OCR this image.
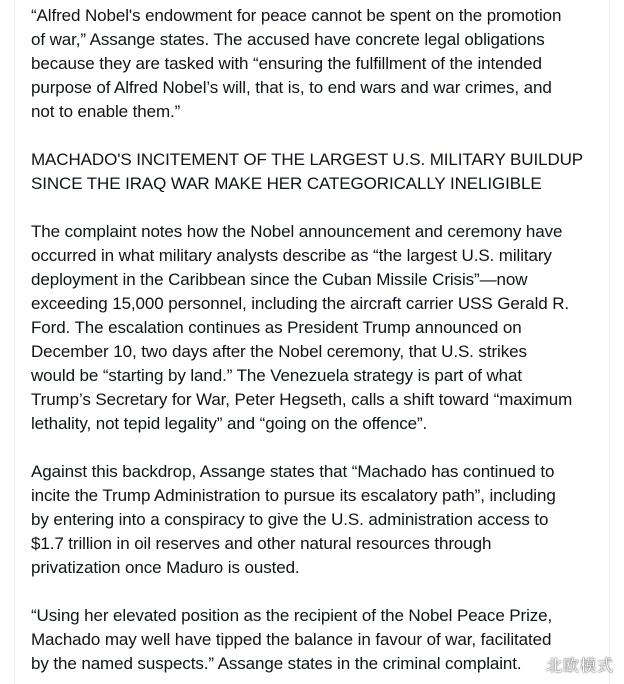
“Alfred Nobel's endowment for peace cannot be spent on the promotion
of war,” Assange states. The accused have concrete legal obligations
because they are tasked with “ensuring the fulfillment of the intended
purpose of Alfred Nobel’s will, that is, to end wars and war crimes, and
not to enable them.”

MACHADO'S INCITEMENT OF THE LARGEST U.S. MILITARY BUILDUP
SINCE THE IRAQ WAR MAKE HER CATEGORICALLY INELIGIBLE

The complaint notes how the Nobel announcement and ceremony have
occurred in what military analysts describe as “the largest U.S. military
deployment in the Caribbean since the Cuban Missile Crisis”—now
exceeding 15,000 personnel, including the aircraft carrier USS Gerald R.
Ford. The escalation continues as President Trump announced on
December 10, two days after the Nobel ceremony, that U.S. strikes
would be “starting by land.” The Venezuela strategy is part of what
Trump’s Secretary for War, Peter Hegseth, calls a shift toward “maximum
lethality, not tepid legality” and “going on the offence”.

Against this backdrop, Assange states that “Machado has continued to
incite the Trump Administration to pursue its escalatory path”, including
by entering into a conspiracy to give the U.S. administration access to
$1.7 trillion in oil reserves and other natural resources through
privatization once Maduro is ousted.

“Using her elevated position as the recipient of the Nobel Peace Prize,
Machado may well have tipped the balance in favour of war, facilitated
by the named suspects.” Assange states in the criminal complaint.	北欧模式
